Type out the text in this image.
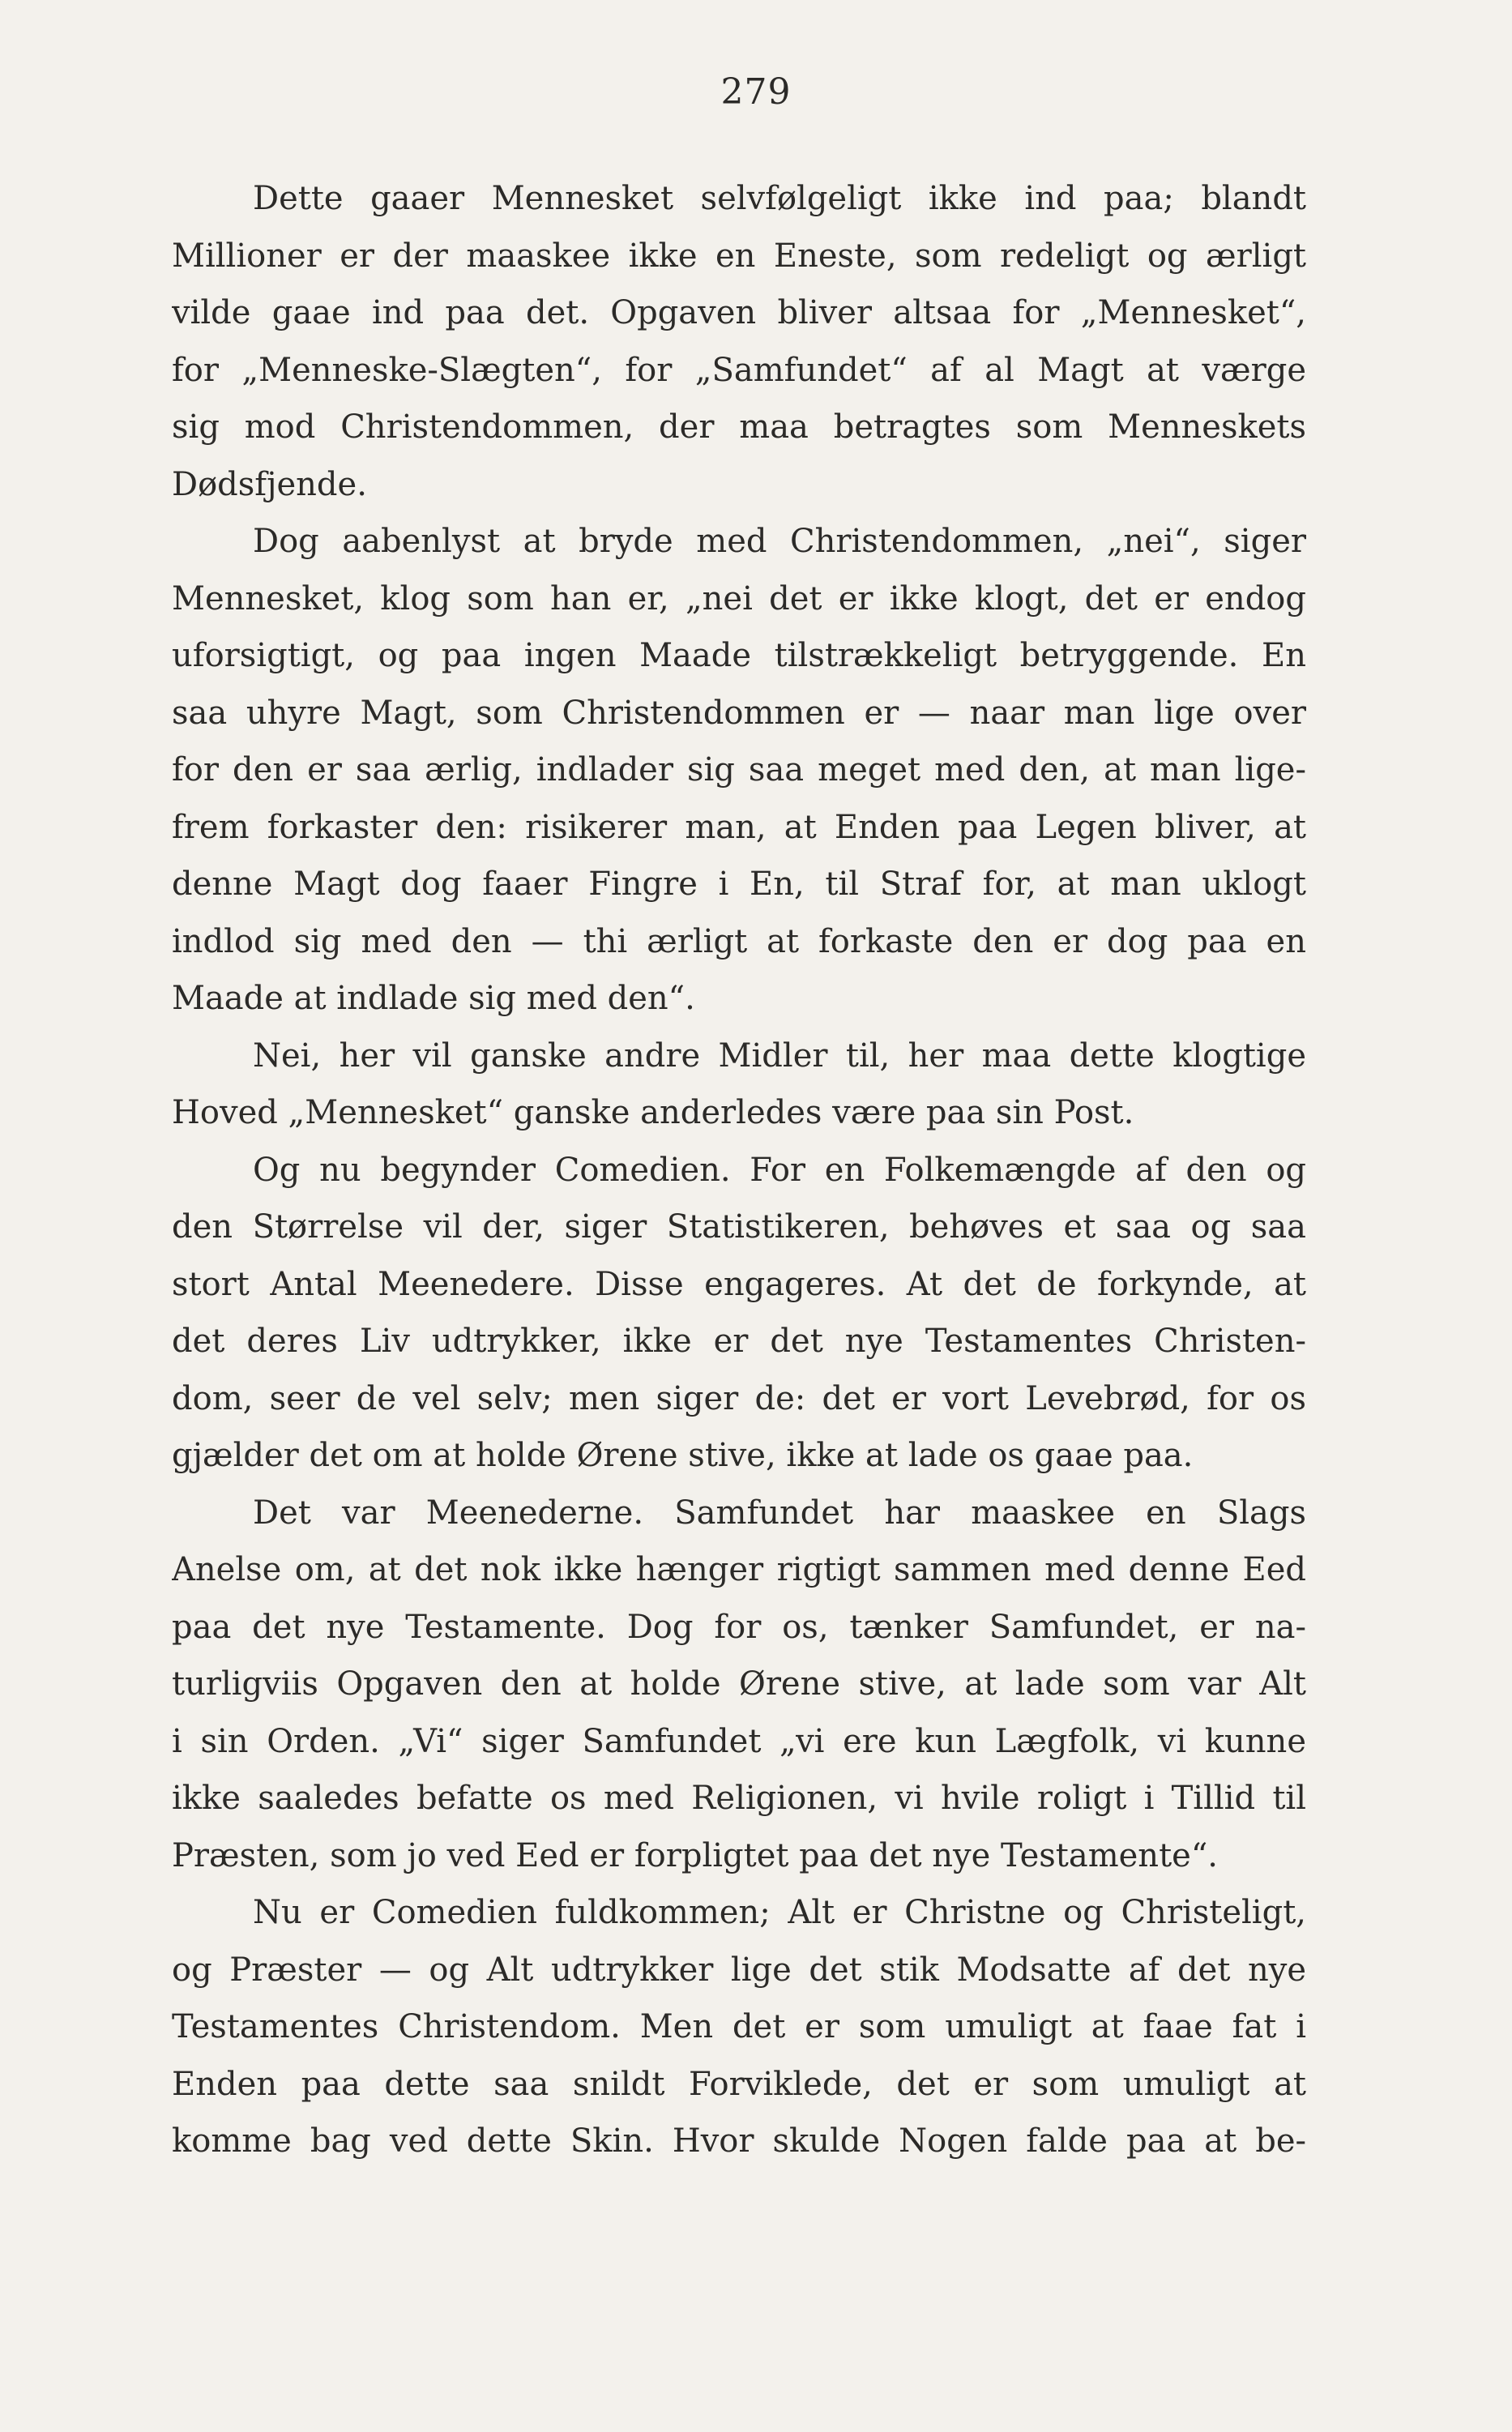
279
Dette gaaer Mennesket selvfølgeligt ikke ind paa; blandt
Millioner er der maaskee ikke en Eneste, som redeligt og ærligt
vilde gaae ind paa det. Opgaven bliver altsaa for „Mennesket“,
for „Menneske-Slægten“, for „Samfundet“ af al Magt at værge
sig mod Christendommen, der maa betragtes som Menneskets
Dødsfjende.
Dog aabenlyst at bryde med Christendommen, „nei“, siger
Mennesket, klog som han er, „nei det er ikke klogt, det er endog
uforsigtigt, og paa ingen Maade tilstrækkeligt betryggende. En
saa uhyre Magt, som Christendommen er — naar man lige over
for den er saa ærlig, indlader sig saa meget med den, at man lige-
frem forkaster den: risikerer man, at Enden paa Legen bliver, at
denne Magt dog faaer Fingre i En, til Straf for, at man uklogt
indlod sig med den — thi ærligt at forkaste den er dog paa en
Maade at indlade sig med den“.
Nei, her vil ganske andre Midler til, her maa dette klogtige
Hoved „Mennesket“ ganske anderledes være paa sin Post.
Og nu begynder Comedien. For en Folkemængde af den og
den Størrelse vil der, siger Statistikeren, behøves et saa og saa
stort Antal Meenedere. Disse engageres. At det de forkynde, at
det deres Liv udtrykker, ikke er det nye Testamentes Christen-
dom, seer de vel selv; men siger de: det er vort Levebrød, for os
gjælder det om at holde Ørene stive, ikke at lade os gaae paa.
Det var Meenederne. Samfundet har maaskee en Slags
Anelse om, at det nok ikke hænger rigtigt sammen med denne Eed
paa det nye Testamente. Dog for os, tænker Samfundet, er na-
turligviis Opgaven den at holde Ørene stive, at lade som var Alt
i sin Orden. „Vi“ siger Samfundet „vi ere kun Lægfolk, vi kunne
ikke saaledes befatte os med Religionen, vi hvile roligt i Tillid til
Præsten, som jo ved Eed er forpligtet paa det nye Testamente“.
Nu er Comedien fuldkommen; Alt er Christne og Christeligt,
og Præster — og Alt udtrykker lige det stik Modsatte af det nye
Testamentes Christendom. Men det er som umuligt at faae fat i
Enden paa dette saa snildt Forviklede, det er som umuligt at
komme bag ved dette Skin. Hvor skulde Nogen falde paa at be-
